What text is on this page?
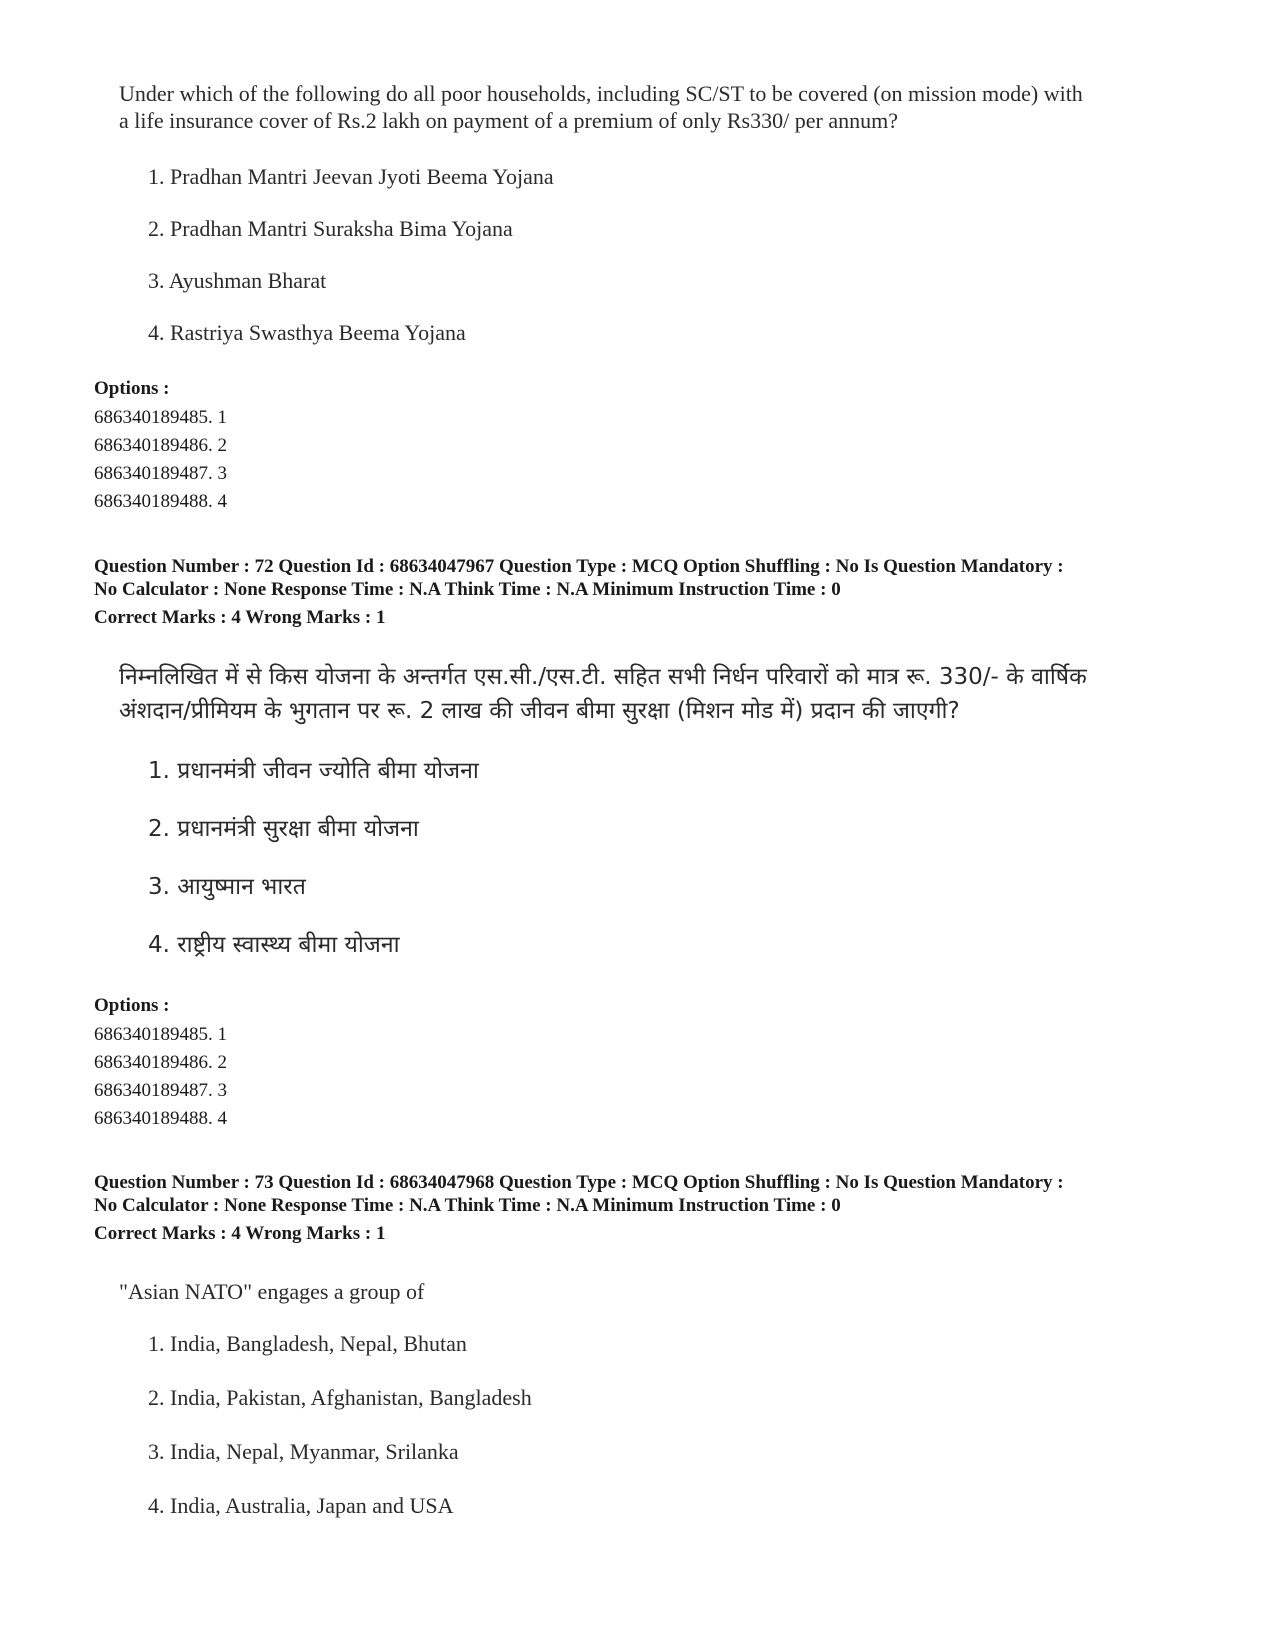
Under which of the following do all poor households, including SC/ST to be covered (on mission mode) with
a life insurance cover of Rs.2 lakh on payment of a premium of only Rs330/ per annum?
1. Pradhan Mantri Jeevan Jyoti Beema Yojana
2. Pradhan Mantri Suraksha Bima Yojana
3. Ayushman Bharat
4. Rastriya Swasthya Beema Yojana
Options :
686340189485. 1
686340189486. 2
686340189487. 3
686340189488. 4
Question Number : 72 Question Id : 68634047967 Question Type : MCQ Option Shuffling : No Is Question Mandatory :
No Calculator : None Response Time : N.A Think Time : N.A Minimum Instruction Time : 0
Correct Marks : 4 Wrong Marks : 1
निम्नलिखित में से किस योजना के अन्तर्गत एस.सी./एस.टी. सहित सभी निर्धन परिवारों को मात्र रू. 330/- के वार्षिक
अंशदान/प्रीमियम के भुगतान पर रू. 2 लाख की जीवन बीमा सुरक्षा (मिशन मोड में) प्रदान की जाएगी?
1. प्रधानमंत्री जीवन ज्योति बीमा योजना
2. प्रधानमंत्री सुरक्षा बीमा योजना
3. आयुष्मान भारत
4. राष्ट्रीय स्वास्थ्य बीमा योजना
Options :
686340189485. 1
686340189486. 2
686340189487. 3
686340189488. 4
Question Number : 73 Question Id : 68634047968 Question Type : MCQ Option Shuffling : No Is Question Mandatory :
No Calculator : None Response Time : N.A Think Time : N.A Minimum Instruction Time : 0
Correct Marks : 4 Wrong Marks : 1
"Asian NATO" engages a group of
1. India, Bangladesh, Nepal, Bhutan
2. India, Pakistan, Afghanistan, Bangladesh
3. India, Nepal, Myanmar, Srilanka
4. India, Australia, Japan and USA
